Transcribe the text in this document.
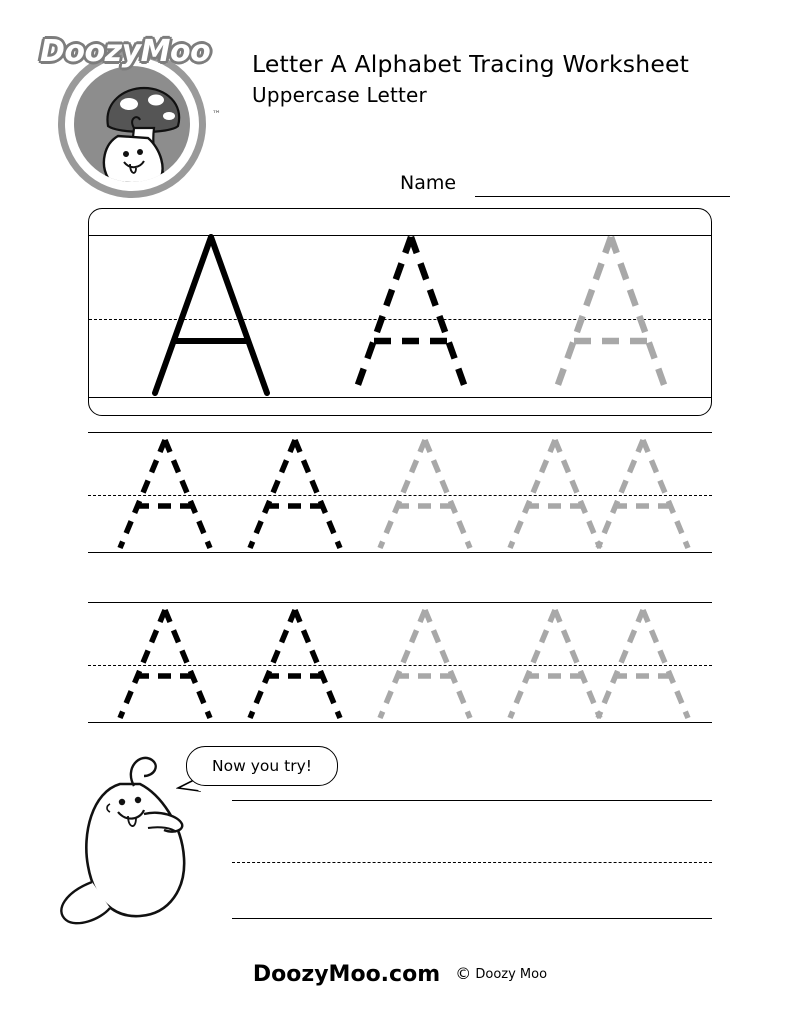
DoozyMoo
™
Letter A Alphabet Tracing Worksheet
Uppercase Letter
Name
Now you try!
DoozyMoo.com © Doozy Moo
